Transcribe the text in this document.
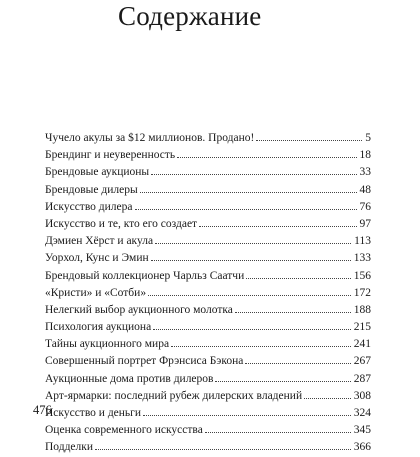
Содержание
Чучело акулы за $12 миллионов. Продано!	5
Брендинг и неуверенность	18
Брендовые аукционы	33
Брендовые дилеры	48
Искусство дилера	76
Искусство и те, кто его создает	97
Дэмиен Хёрст и акула	113
Уорхол, Кунс и Эмин	133
Брендовый коллекционер Чарльз Саатчи	156
«Кристи» и «Сотби»	172
Нелегкий выбор аукционного молотка	188
Психология аукциона	215
Тайны аукционного мира	241
Совершенный портрет Фрэнсиса Бэкона	267
Аукционные дома против дилеров	287
Арт-ярмарки: последний рубеж дилерских владений	308
Искусство и деньги	324
Оценка современного искусства	345
Подделки	366
476
